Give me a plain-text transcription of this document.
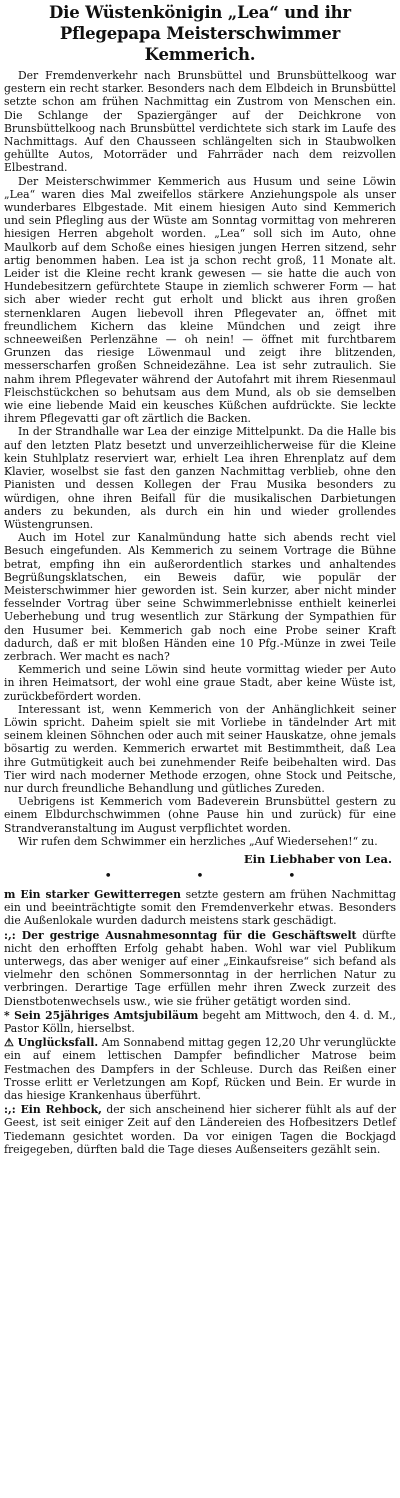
Die Wüstenkönigin „Lea“ und ihr Pflegepapa Meisterschwimmer Kemmerich.

Der Fremdenverkehr nach Brunsbüttel und Brunsbüttelkoog war gestern ein recht starker. Besonders nach dem Elbdeich in Brunsbüttel setzte schon am frühen Nachmittag ein Zustrom von Menschen ein. Die Schlange der Spaziergänger auf der Deichkrone von Brunsbüttelkoog nach Brunsbüttel verdichtete sich stark im Laufe des Nachmittags. Auf den Chausseen schlängelten sich in Staubwolken gehüllte Autos, Motorräder und Fahrräder nach dem reizvollen Elbestrand.

Der Meisterschwimmer Kemmerich aus Husum und seine Löwin „Lea“ waren dies Mal zweifellos stärkere Anziehungspole als unser wunderbares Elbgestade. Mit einem hiesigen Auto sind Kemmerich und sein Pflegling aus der Wüste am Sonntag vormittag von mehreren hiesigen Herren abgeholt worden. „Lea“ soll sich im Auto, ohne Maulkorb auf dem Schoße eines hiesigen jungen Herren sitzend, sehr artig benommen haben. Lea ist ja schon recht groß, 11 Monate alt. Leider ist die Kleine recht krank gewesen — sie hatte die auch von Hundebesitzern gefürchtete Staupe in ziemlich schwerer Form — hat sich aber wieder recht gut erholt und blickt aus ihren großen sternenklaren Augen liebevoll ihren Pflegevater an, öffnet mit freundlichem Kichern das kleine Mündchen und zeigt ihre schneeweißen Perlenzähne — oh nein! — öffnet mit furchtbarem Grunzen das riesige Löwenmaul und zeigt ihre blitzenden, messerscharfen großen Schneidezähne. Lea ist sehr zutraulich. Sie nahm ihrem Pflegevater während der Autofahrt mit ihrem Riesenmaul Fleischstückchen so behutsam aus dem Mund, als ob sie demselben wie eine liebende Maid ein keusches Küßchen aufdrückte. Sie leckte ihrem Pflegevatti gar oft zärtlich die Backen.

In der Strandhalle war Lea der einzige Mittelpunkt. Da die Halle bis auf den letzten Platz besetzt und unverzeihlicherweise für die Kleine kein Stuhlplatz reserviert war, erhielt Lea ihren Ehrenplatz auf dem Klavier, woselbst sie fast den ganzen Nachmittag verblieb, ohne den Pianisten und dessen Kollegen der Frau Musika besonders zu würdigen, ohne ihren Beifall für die musikalischen Darbietungen anders zu bekunden, als durch ein hin und wieder grollendes Wüstengrunsen.

Auch im Hotel zur Kanalmündung hatte sich abends recht viel Besuch eingefunden. Als Kemmerich zu seinem Vortrage die Bühne betrat, empfing ihn ein außerordentlich starkes und anhaltendes Begrüßungsklatschen, ein Beweis dafür, wie populär der Meisterschwimmer hier geworden ist. Sein kurzer, aber nicht minder fesselnder Vortrag über seine Schwimmerlebnisse enthielt keinerlei Ueberhebung und trug wesentlich zur Stärkung der Sympathien für den Husumer bei. Kemmerich gab noch eine Probe seiner Kraft dadurch, daß er mit bloßen Händen eine 10 Pfg.-Münze in zwei Teile zerbrach. Wer macht es nach?

Kemmerich und seine Löwin sind heute vormittag wieder per Auto in ihren Heimatsort, der wohl eine graue Stadt, aber keine Wüste ist, zurückbefördert worden.

Interessant ist, wenn Kemmerich von der Anhänglichkeit seiner Löwin spricht. Daheim spielt sie mit Vorliebe in tändelnder Art mit seinem kleinen Söhnchen oder auch mit seiner Hauskatze, ohne jemals bösartig zu werden. Kemmerich erwartet mit Bestimmtheit, daß Lea ihre Gutmütigkeit auch bei zunehmender Reife beibehalten wird. Das Tier wird nach moderner Methode erzogen, ohne Stock und Peitsche, nur durch freundliche Behandlung und gütliches Zureden.

Uebrigens ist Kemmerich vom Badeverein Brunsbüttel gestern zu einem Elbdurchschwimmen (ohne Pause hin und zurück) für eine Strandveranstaltung im August verpflichtet worden.

Wir rufen dem Schwimmer ein herzliches „Auf Wiedersehen!“ zu.

Ein Liebhaber von Lea.
• • •

m Ein starker Gewitterregen setzte gestern am frühen Nachmittag ein und beeinträchtigte somit den Fremdenverkehr etwas. Besonders die Außenlokale wurden dadurch meistens stark geschädigt.

:,: Der gestrige Ausnahmesonntag für die Geschäftswelt dürfte nicht den erhofften Erfolg gehabt haben. Wohl war viel Publikum unterwegs, das aber weniger auf einer „Einkaufsreise“ sich befand als vielmehr den schönen Sommersonntag in der herrlichen Natur zu verbringen. Derartige Tage erfüllen mehr ihren Zweck zurzeit des Dienstbotenwechsels usw., wie sie früher getätigt worden sind.

* Sein 25jähriges Amtsjubiläum begeht am Mittwoch, den 4. d. M., Pastor Kölln, hierselbst.

⚠ Unglücksfall. Am Sonnabend mittag gegen 12,20 Uhr verunglückte ein auf einem lettischen Dampfer befindlicher Matrose beim Festmachen des Dampfers in der Schleuse. Durch das Reißen einer Trosse erlitt er Verletzungen am Kopf, Rücken und Bein. Er wurde in das hiesige Krankenhaus überführt.

:,: Ein Rehbock, der sich anscheinend hier sicherer fühlt als auf der Geest, ist seit einiger Zeit auf den Ländereien des Hofbesitzers Detlef Tiedemann gesichtet worden. Da vor einigen Tagen die Bockjagd freigegeben, dürften bald die Tage dieses Außenseiters gezählt sein.
